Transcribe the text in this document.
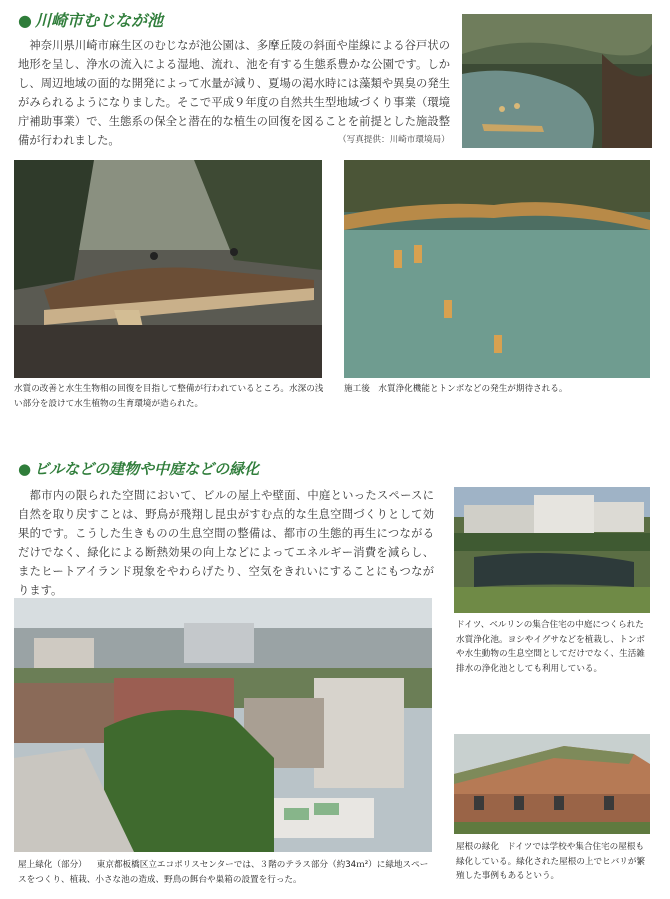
● 川崎市むじなが池
　神奈川県川崎市麻生区のむじなが池公園は、多摩丘陵の斜面や崖線による谷戸状の地形を呈し、浄水の流入による湿地、流れ、池を有する生態系豊かな公園です。しかし、周辺地域の面的な開発によって水量が減り、夏場の渇水時には藻類や異臭の発生がみられるようになりました。そこで平成９年度の自然共生型地域づくり事業（環境庁補助事業）で、生態系の保全と潜在的な植生の回復を図ることを前提とした施設整備が行われました。	（写真提供：川崎市環境局）
水質の改善と水生生物相の回復を目指して整備が行われているところ。水深の浅い部分を設けて水生植物の生育環境が造られた。
施工後　水質浄化機能とトンボなどの発生が期待される。
● ビルなどの建物や中庭などの緑化
　都市内の限られた空間において、ビルの屋上や壁面、中庭といったスペースに自然を取り戻すことは、野鳥が飛翔し昆虫がすむ点的な生息空間づくりとして効果的です。こうした生きものの生息空間の整備は、都市の生態的再生につながるだけでなく、緑化による断熱効果の向上などによってエネルギー消費を減らし、またヒートアイランド現象をやわらげたり、空気をきれいにすることにもつながります。
ドイツ、ベルリンの集合住宅の中庭につくられた水質浄化池。ヨシやイグサなどを植栽し、トンボや水生動物の生息空間としてだけでなく、生活雑排水の浄化池としても利用している。
屋上緑化（部分） 東京都板橋区立エコポリスセンターでは、３階のテラス部分（約34ｍ²）に緑地スペースをつくり、植栽、小さな池の造成、野鳥の餌台や巣箱の設置を行った。
屋根の緑化 ドイツでは学校や集合住宅の屋根も緑化している。緑化された屋根の上でヒバリが繁殖した事例もあるという。
